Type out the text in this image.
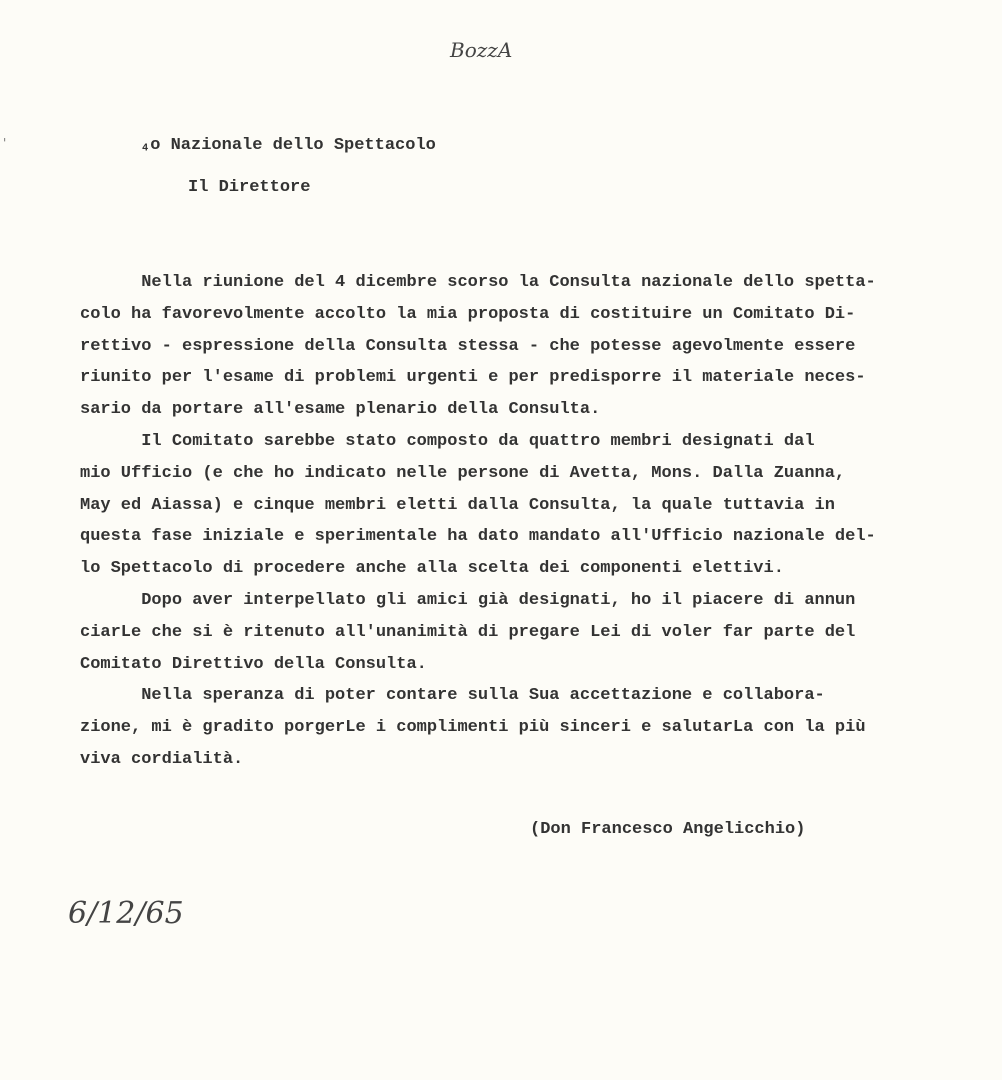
'
BozzA
₄o Nazionale dello Spettacolo
Il Direttore
Nella riunione del 4 dicembre scorso la Consulta nazionale dello spetta-
colo ha favorevolmente accolto la mia proposta di costituire un Comitato Di-
rettivo - espressione della Consulta stessa - che potesse agevolmente essere
riunito per l'esame di problemi urgenti e per predisporre il materiale neces-
sario da portare all'esame plenario della Consulta.
Il Comitato sarebbe stato composto da quattro membri designati dal
mio Ufficio (e che ho indicato nelle persone di Avetta, Mons. Dalla Zuanna,
May ed Aiassa) e cinque membri eletti dalla Consulta, la quale tuttavia in
questa fase iniziale e sperimentale ha dato mandato all'Ufficio nazionale del-
lo Spettacolo di procedere anche alla scelta dei componenti elettivi.
Dopo aver interpellato gli amici già designati, ho il piacere di annun
ciarLe che si è ritenuto all'unanimità di pregare Lei di voler far parte del
Comitato Direttivo della Consulta.
Nella speranza di poter contare sulla Sua accettazione e collabora-
zione, mi è gradito porgerLe i complimenti più sinceri e salutarLa con la più
viva cordialità.
(Don Francesco Angelicchio)
6/12/65
